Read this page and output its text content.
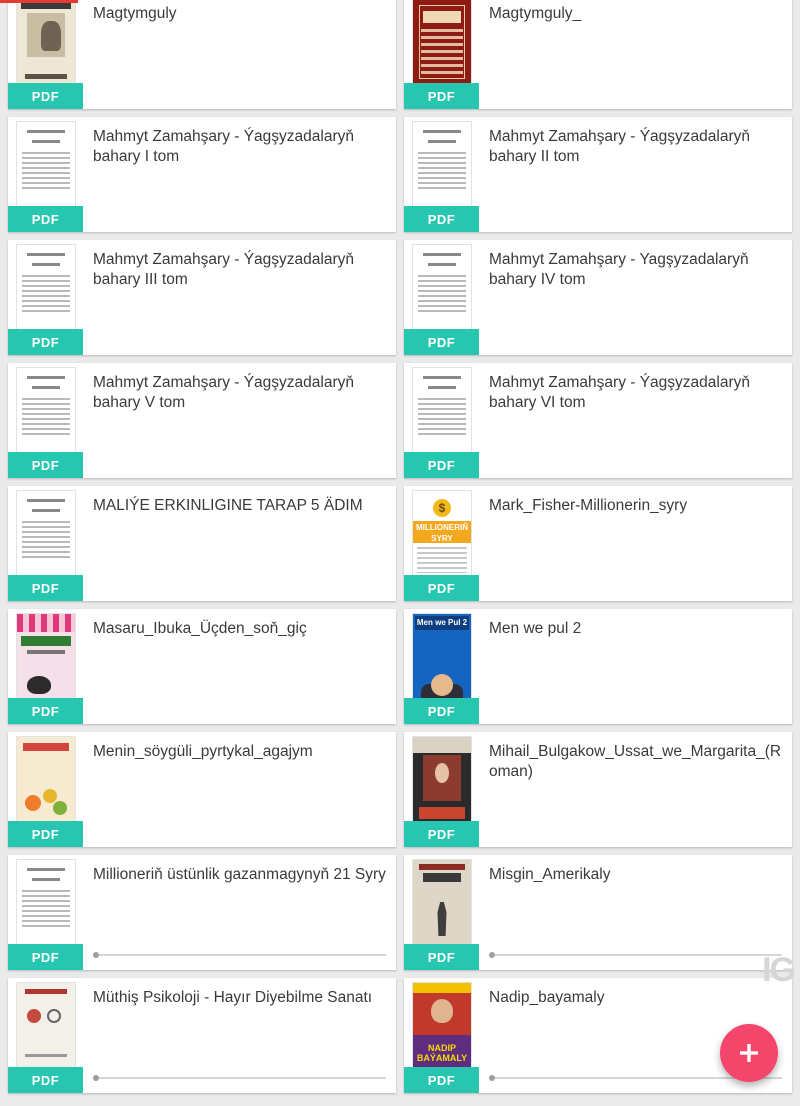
IG
PDF
Magtymguly
PDF
Magtymguly_
PDF
Mahmyt Zamahşary - Ýagşyzadalaryň bahary I tom
PDF
Mahmyt Zamahşary - Ýagşyzadalaryň bahary II tom
PDF
Mahmyt Zamahşary - Ýagşyzadalaryň bahary III tom
PDF
Mahmyt Zamahşary - Yagşyzadalaryň bahary IV tom
PDF
Mahmyt Zamahşary - Ýagşyzadalaryň bahary V tom
PDF
Mahmyt Zamahşary - Ýagşyzadalaryň bahary VI tom
PDF
MALIÝE ERKINLIGINE TARAP 5 ÄDIM
$
MILLIONERIŇ SYRY
PDF
Mark_Fisher-Millionerin_syry
PDF
Masaru_Ibuka_Üçden_soň_giç	Men we Pul 2
PDF
Men we pul 2
PDF
Menin_söygüli_pyrtykal_agajym
PDF
Mihail_Bulgakow_Ussat_we_Margarita_(Roman)
PDF
Millioneriň üstünlik gazanmagynyň 21 Syry
PDF
Misgin_Amerikaly
PDF
Müthiş Psikoloji - Hayır Diyebilme Sanatı
NADIP BAÝAMALY
PDF
Nadip_bayamaly
